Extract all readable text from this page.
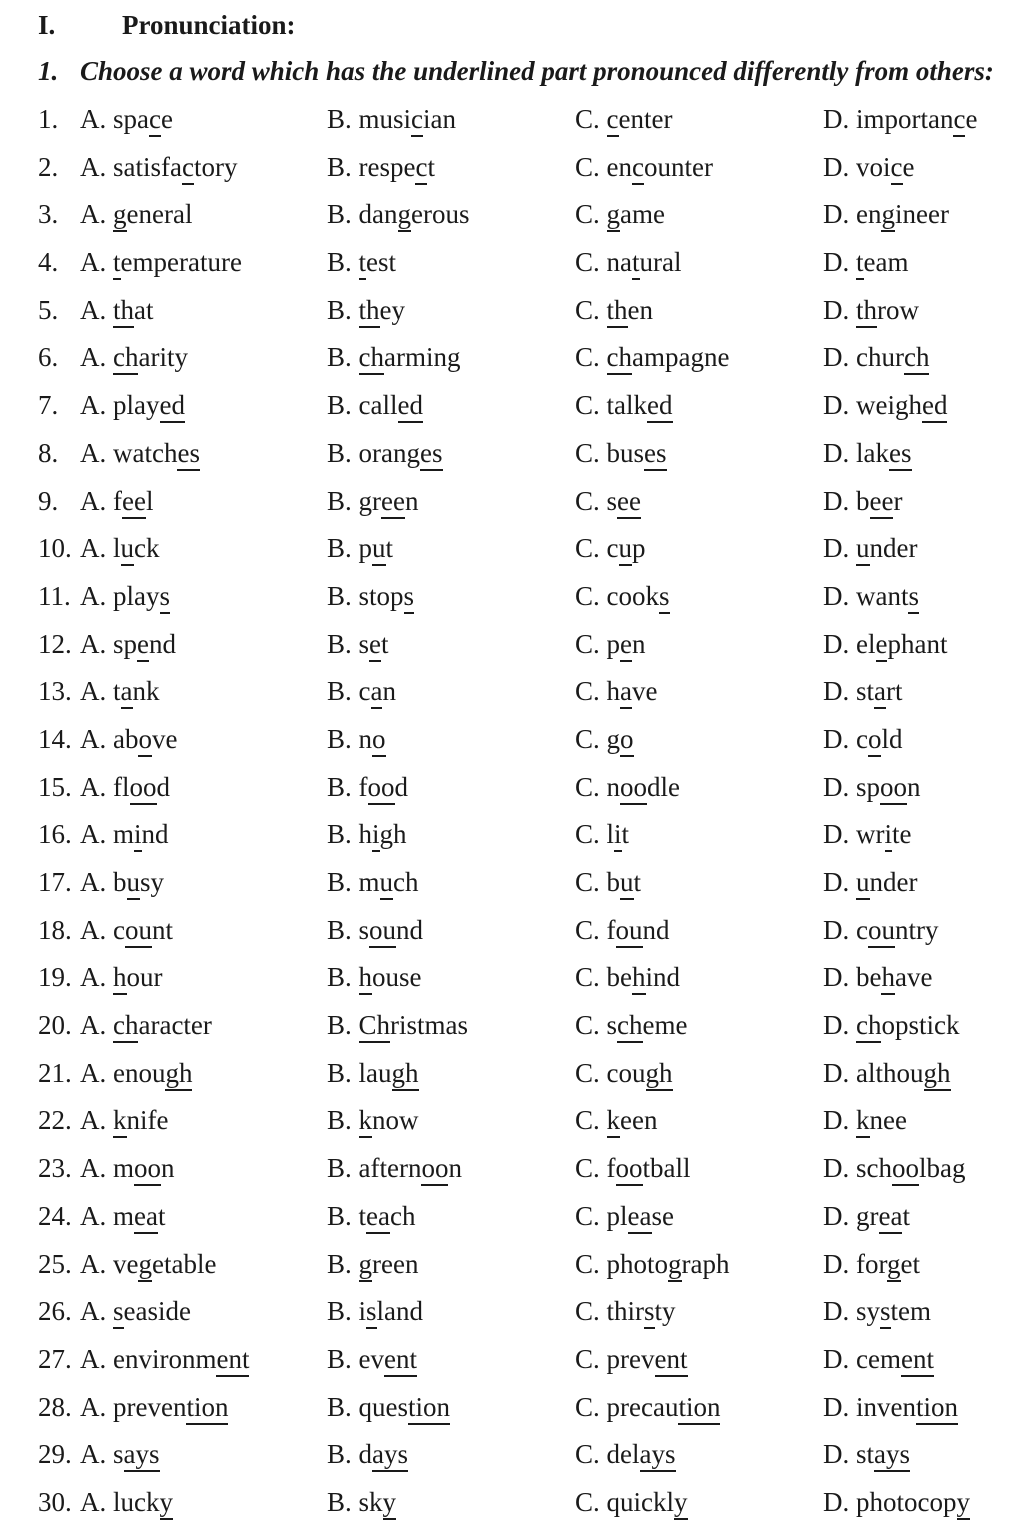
I. Pronunciation:
1. Choose a word which has the underlined part pronounced differently from others:
1. A. space	B. musician	C. center	D. importance
2. A. satisfactory	B. respect	C. encounter	D. voice
3. A. general	B. dangerous	C. game	D. engineer
4. A. temperature	B. test	C. natural	D. team
5. A. that	B. they	C. then	D. throw
6. A. charity	B. charming	C. champagne	D. church
7. A. played	B. called	C. talked	D. weighed
8. A. watches	B. oranges	C. buses	D. lakes
9. A. feel	B. green	C. see	D. beer
10. A. luck	B. put	C. cup	D. under
11. A. plays	B. stops	C. cooks	D. wants
12. A. spend	B. set	C. pen	D. elephant
13. A. tank	B. can	C. have	D. start
14. A. above	B. no	C. go	D. cold
15. A. flood	B. food	C. noodle	D. spoon
16. A. mind	B. high	C. lit	D. write
17. A. busy	B. much	C. but	D. under
18. A. count	B. sound	C. found	D. country
19. A. hour	B. house	C. behind	D. behave
20. A. character	B. Christmas	C. scheme	D. chopstick
21. A. enough	B. laugh	C. cough	D. although
22. A. knife	B. know	C. keen	D. knee
23. A. moon	B. afternoon	C. football	D. schoolbag
24. A. meat	B. teach	C. please	D. great
25. A. vegetable	B. green	C. photograph	D. forget
26. A. seaside	B. island	C. thirsty	D. system
27. A. environment	B. event	C. prevent	D. cement
28. A. prevention	B. question	C. precaution	D. invention
29. A. says	B. days	C. delays	D. stays
30. A. lucky	B. sky	C. quickly	D. photocopy
